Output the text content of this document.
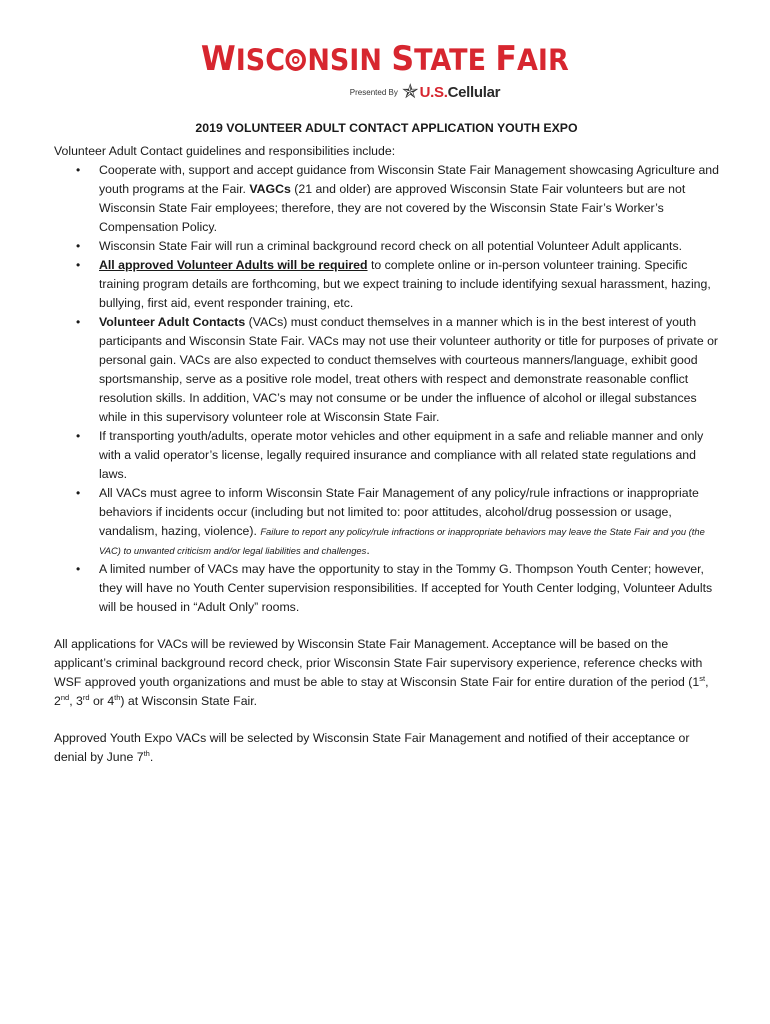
WISC NSIN STATE FAIR
Presented By ✯ U.S.Cellular
2019 VOLUNTEER ADULT CONTACT APPLICATION YOUTH EXPO
Volunteer Adult Contact guidelines and responsibilities include:
• Cooperate with, support and accept guidance from Wisconsin State Fair Management showcasing Agriculture and youth programs at the Fair. VAGCs (21 and older) are approved Wisconsin State Fair volunteers but are not Wisconsin State Fair employees; therefore, they are not covered by the Wisconsin State Fair’s Worker’s Compensation Policy.
• Wisconsin State Fair will run a criminal background record check on all potential Volunteer Adult applicants.
• All approved Volunteer Adults will be required to complete online or in-person volunteer training. Specific training program details are forthcoming, but we expect training to include identifying sexual harassment, hazing, bullying, first aid, event responder training, etc.
• Volunteer Adult Contacts (VACs) must conduct themselves in a manner which is in the best interest of youth participants and Wisconsin State Fair. VACs may not use their volunteer authority or title for purposes of private or personal gain. VACs are also expected to conduct themselves with courteous manners/language, exhibit good sportsmanship, serve as a positive role model, treat others with respect and demonstrate reasonable conflict resolution skills. In addition, VAC’s may not consume or be under the influence of alcohol or illegal substances while in this supervisory volunteer role at Wisconsin State Fair.
• If transporting youth/adults, operate motor vehicles and other equipment in a safe and reliable manner and only with a valid operator’s license, legally required insurance and compliance with all related state regulations and laws.
• All VACs must agree to inform Wisconsin State Fair Management of any policy/rule infractions or inappropriate behaviors if incidents occur (including but not limited to: poor attitudes, alcohol/drug possession or usage, vandalism, hazing, violence). Failure to report any policy/rule infractions or inappropriate behaviors may leave the State Fair and you (the VAC) to unwanted criticism and/or legal liabilities and challenges.
• A limited number of VACs may have the opportunity to stay in the Tommy G. Thompson Youth Center; however, they will have no Youth Center supervision responsibilities. If accepted for Youth Center lodging, Volunteer Adults will be housed in “Adult Only” rooms.

All applications for VACs will be reviewed by Wisconsin State Fair Management. Acceptance will be based on the applicant’s criminal background record check, prior Wisconsin State Fair supervisory experience, reference checks with WSF approved youth organizations and must be able to stay at Wisconsin State Fair for entire duration of the period (1st, 2nd, 3rd or 4th) at Wisconsin State Fair.

Approved Youth Expo VACs will be selected by Wisconsin State Fair Management and notified of their acceptance or denial by June 7th.
